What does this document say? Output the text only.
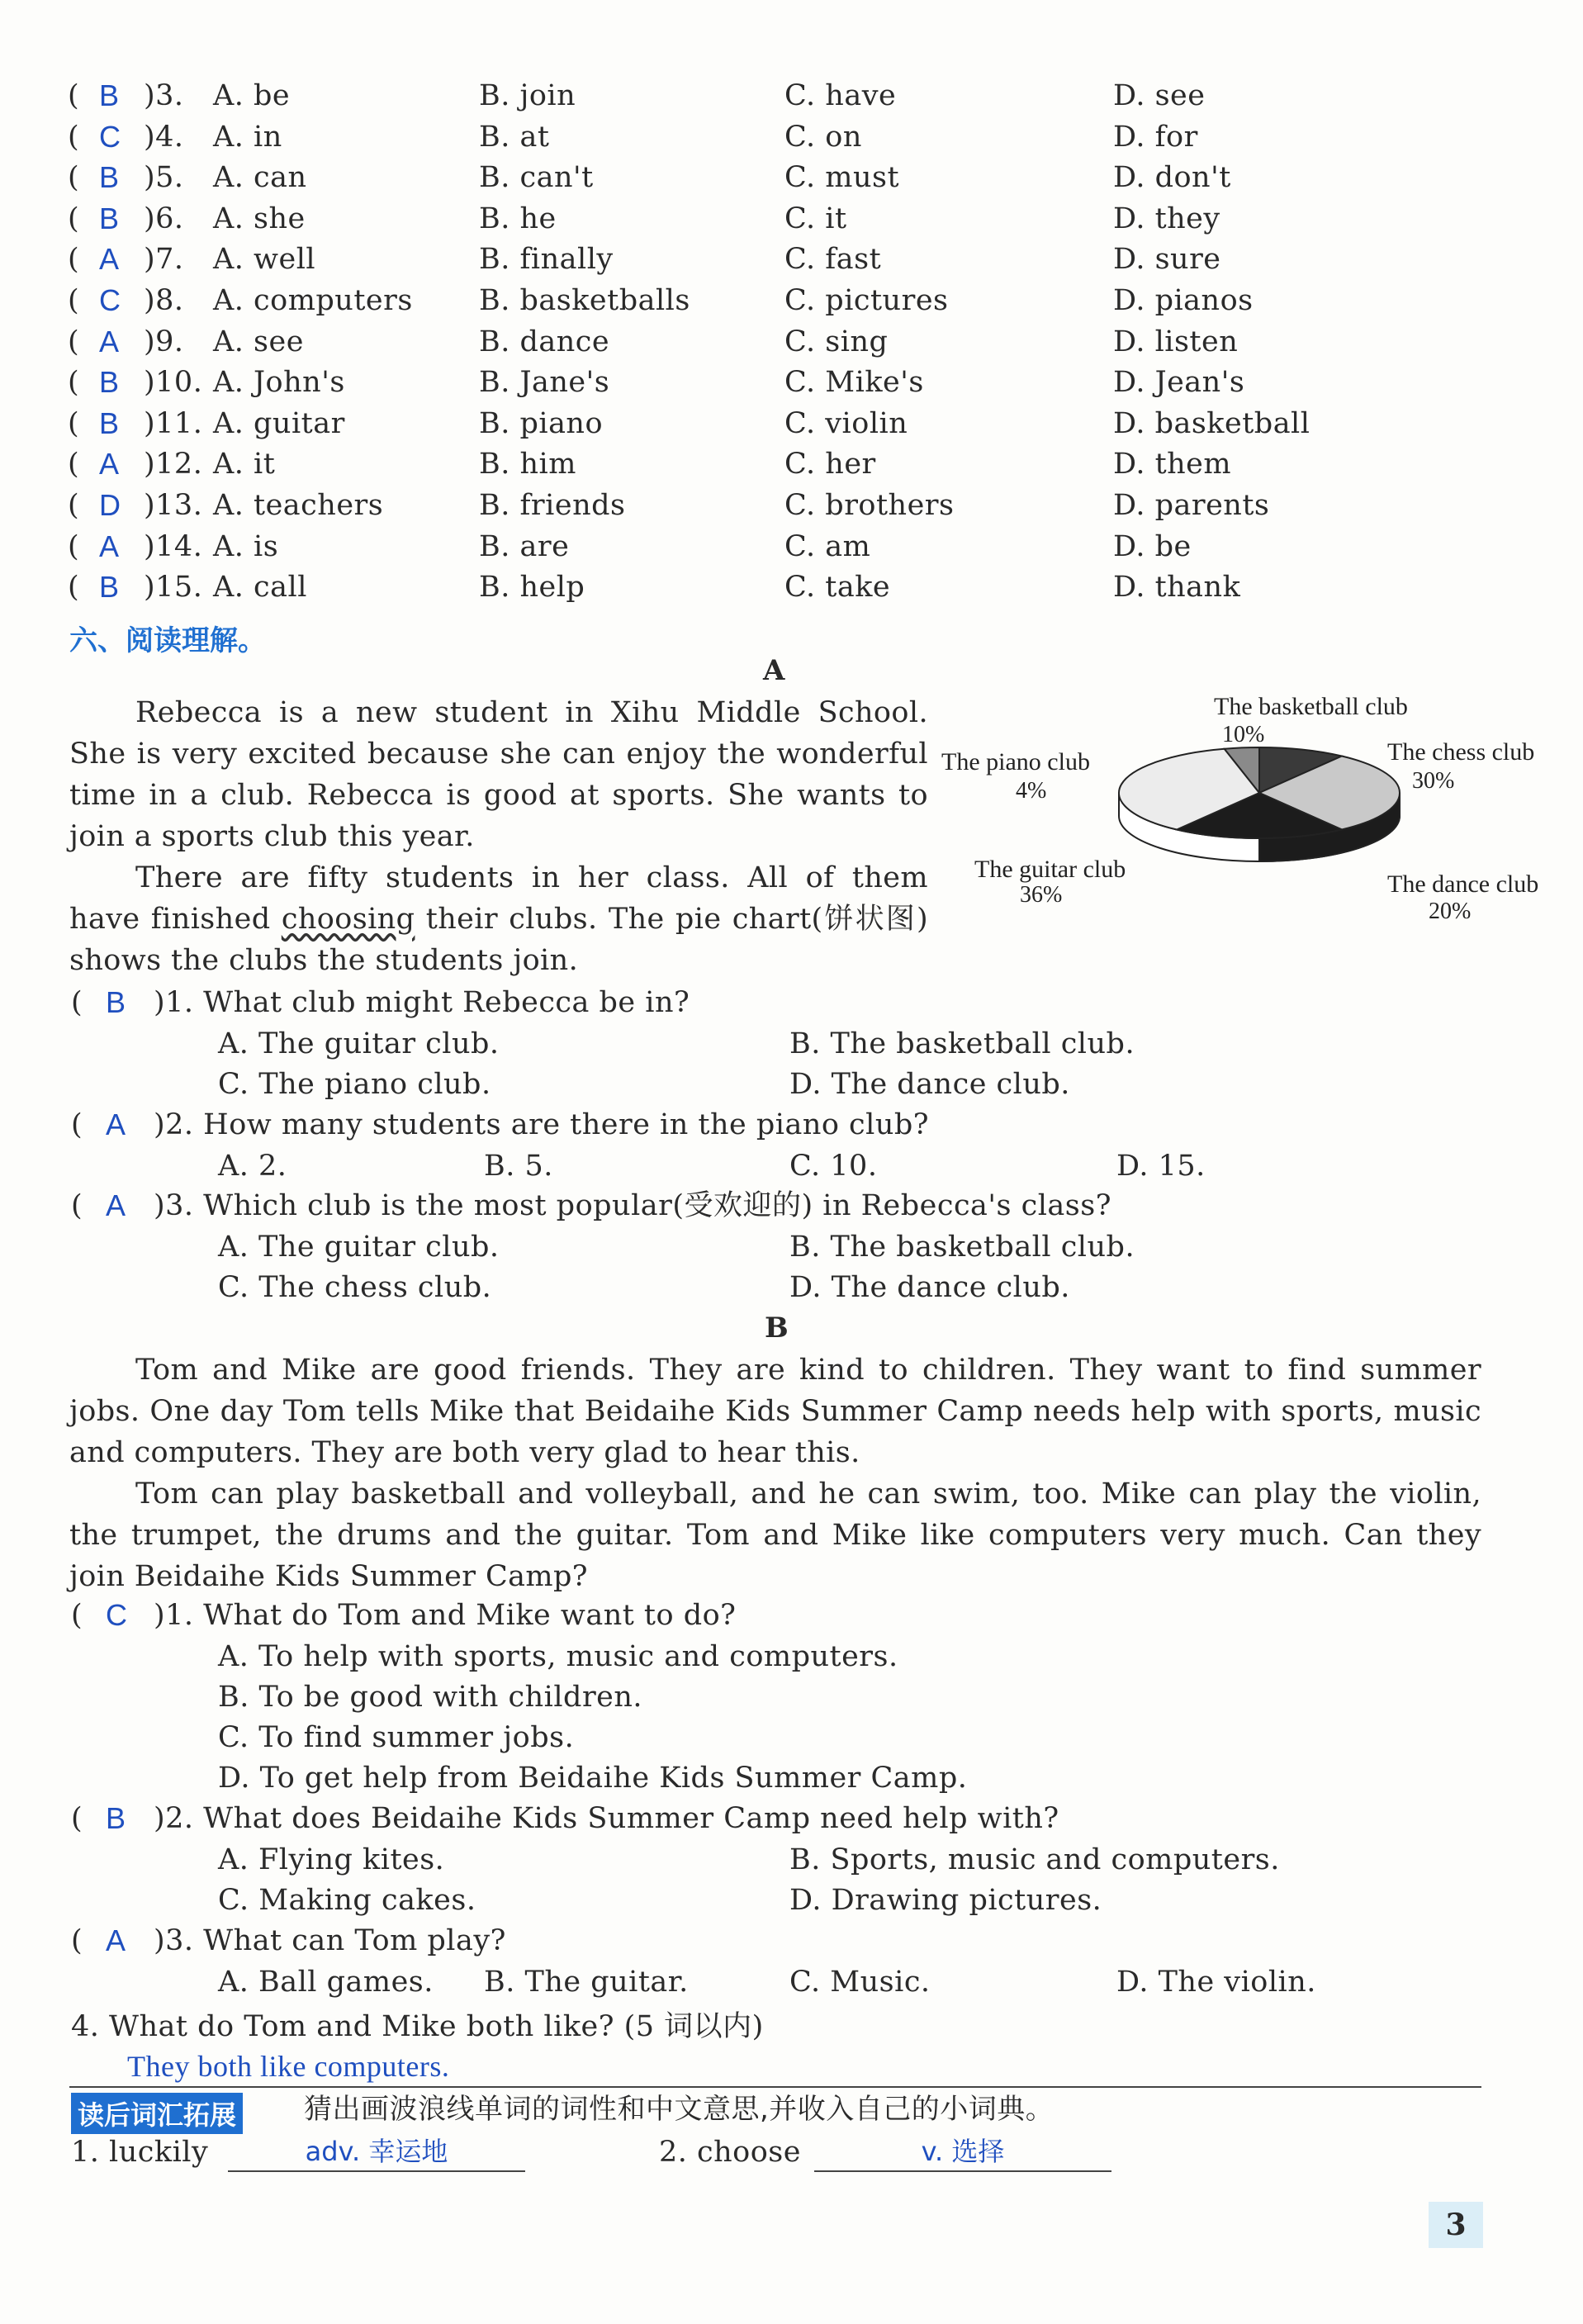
( B )3. A. be	B. join	C. have	D. see
( C )4. A. in	B. at	C. on	D. for
( B )5. A. can	B. can't	C. must	D. don't
( B )6. A. she	B. he	C. it	D. they
( A )7. A. well	B. finally	C. fast	D. sure
( C )8. A. computers B. basketballs	C. pictures	D. pianos
( A )9. A. see	B. dance	C. sing	D. listen
( B )10. A. John's	B. Jane's	C. Mike's	D. Jean's
( B )11. A. guitar	B. piano	C. violin	D. basketball
( A )12. A. it	B. him	C. her	D. them
( D )13. A. teachers	B. friends	C. brothers	D. parents
( A )14. A. is	B. are	C. am	D. be
( B )15. A. call	B. help	C. take	D. thank
六、阅读理解。
A

Rebecca is a new student in Xihu Middle School. She is very excited because she can enjoy the wonderful time in a club. Rebecca is good at sports. She wants to join a sports club this year.

There are fifty students in her class. All of them have finished choosing their clubs. The pie chart(饼状图) shows the clubs the students join.

The basketball club
10%
The chess club
30%
The dance club
20%
The guitar club
36%
The piano club
4%
( B )1. What club might Rebecca be in?
A. The guitar club.	B. The basketball club.
C. The piano club.	D. The dance club.
( A )2. How many students are there in the piano club?
A. 2.	B. 5.	C. 10.	D. 15.
( A )3. Which club is the most popular(受欢迎的) in Rebecca's class?
A. The guitar club.	B. The basketball club.
C. The chess club.	D. The dance club.
B

Tom and Mike are good friends. They are kind to children. They want to find summer jobs. One day Tom tells Mike that Beidaihe Kids Summer Camp needs help with sports, music and computers. They are both very glad to hear this.

Tom can play basketball and volleyball, and he can swim, too. Mike can play the violin, the trumpet, the drums and the guitar. Tom and Mike like computers very much. Can they join Beidaihe Kids Summer Camp?

( C )1. What do Tom and Mike want to do?
A. To help with sports, music and computers.
B. To be good with children.
C. To find summer jobs.
D. To get help from Beidaihe Kids Summer Camp.
( B )2. What does Beidaihe Kids Summer Camp need help with?
A. Flying kites.	B. Sports, music and computers.
C. Making cakes.	D. Drawing pictures.
( A )3. What can Tom play?
A. Ball games. B. The guitar.	C. Music.	D. The violin.
4. What do Tom and Mike both like? (5 词以内)
They both like computers.
读后词汇拓展 猜出画波浪线单词的词性和中文意思,并收入自己的小词典。
1. luckily	adv. 幸运地	2. choose	v. 选择
3
